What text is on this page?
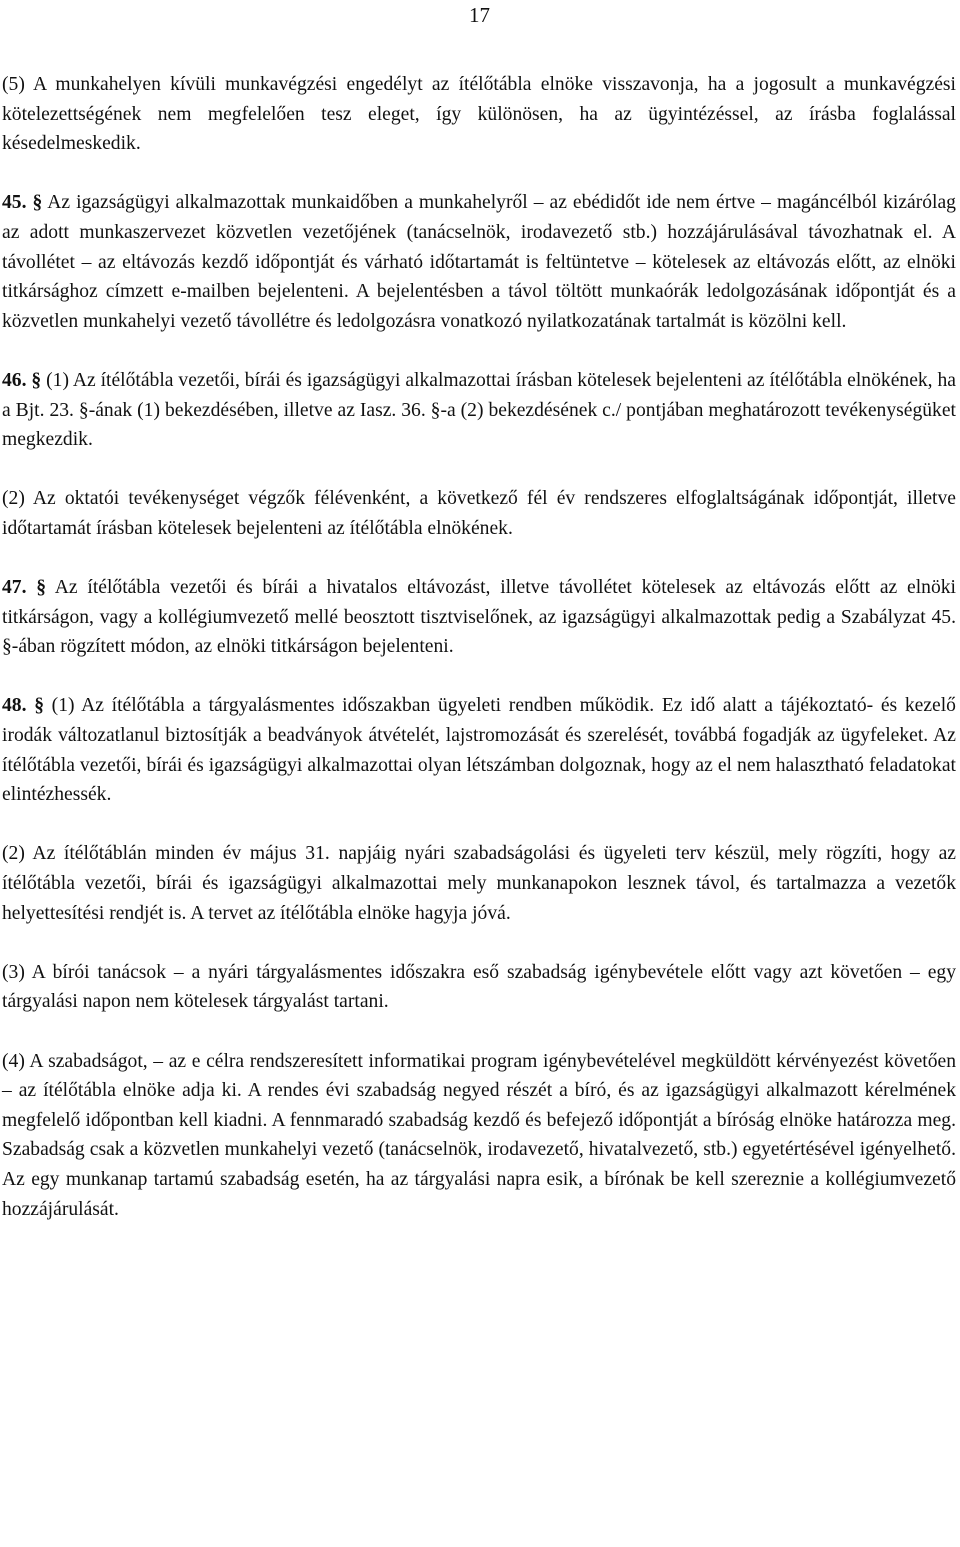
17

(5) A munkahelyen kívüli munkavégzési engedélyt az ítélőtábla elnöke visszavonja, ha a jogosult a munkavégzési kötelezettségének nem megfelelően tesz eleget, így különösen, ha az ügyintézéssel, az írásba foglalással késedelmeskedik.

45. § Az igazságügyi alkalmazottak munkaidőben a munkahelyről – az ebédidőt ide nem értve – magáncélból kizárólag az adott munkaszervezet közvetlen vezetőjének (tanácselnök, irodavezető stb.) hozzájárulásával távozhatnak el. A távollétet – az eltávozás kezdő időpontját és várható időtartamát is feltüntetve – kötelesek az eltávozás előtt, az elnöki titkársághoz címzett e-mailben bejelenteni. A bejelentésben a távol töltött munkaórák ledolgozásának időpontját és a közvetlen munkahelyi vezető távollétre és ledolgozásra vonatkozó nyilatkozatának tartalmát is közölni kell.

46. § (1) Az ítélőtábla vezetői, bírái és igazságügyi alkalmazottai írásban kötelesek bejelenteni az ítélőtábla elnökének, ha a Bjt. 23. §-ának (1) bekezdésében, illetve az Iasz. 36. §-a (2) bekezdésének c./ pontjában meghatározott tevékenységüket megkezdik.

(2) Az oktatói tevékenységet végzők félévenként, a következő fél év rendszeres elfoglaltságának időpontját, illetve időtartamát írásban kötelesek bejelenteni az ítélőtábla elnökének.

47. § Az ítélőtábla vezetői és bírái a hivatalos eltávozást, illetve távollétet kötelesek az eltávozás előtt az elnöki titkárságon, vagy a kollégiumvezető mellé beosztott tisztviselőnek, az igazságügyi alkalmazottak pedig a Szabályzat 45. §-ában rögzített módon, az elnöki titkárságon bejelenteni.

48. § (1) Az ítélőtábla a tárgyalásmentes időszakban ügyeleti rendben működik. Ez idő alatt a tájékoztató- és kezelő irodák változatlanul biztosítják a beadványok átvételét, lajstromozását és szerelését, továbbá fogadják az ügyfeleket. Az ítélőtábla vezetői, bírái és igazságügyi alkalmazottai olyan létszámban dolgoznak, hogy az el nem halasztható feladatokat elintézhessék.

(2) Az ítélőtáblán minden év május 31. napjáig nyári szabadságolási és ügyeleti terv készül, mely rögzíti, hogy az ítélőtábla vezetői, bírái és igazságügyi alkalmazottai mely munkanapokon lesznek távol, és tartalmazza a vezetők helyettesítési rendjét is. A tervet az ítélőtábla elnöke hagyja jóvá.

(3) A bírói tanácsok – a nyári tárgyalásmentes időszakra eső szabadság igénybevétele előtt vagy azt követően – egy tárgyalási napon nem kötelesek tárgyalást tartani.

(4) A szabadságot, – az e célra rendszeresített informatikai program igénybevételével megküldött kérvényezést követően – az ítélőtábla elnöke adja ki. A rendes évi szabadság negyed részét a bíró, és az igazságügyi alkalmazott kérelmének megfelelő időpontban kell kiadni. A fennmaradó szabadság kezdő és befejező időpontját a bíróság elnöke határozza meg. Szabadság csak a közvetlen munkahelyi vezető (tanácselnök, irodavezető, hivatalvezető, stb.) egyetértésével igényelhető. Az egy munkanap tartamú szabadság esetén, ha az tárgyalási napra esik, a bírónak be kell szereznie a kollégiumvezető hozzájárulását.
